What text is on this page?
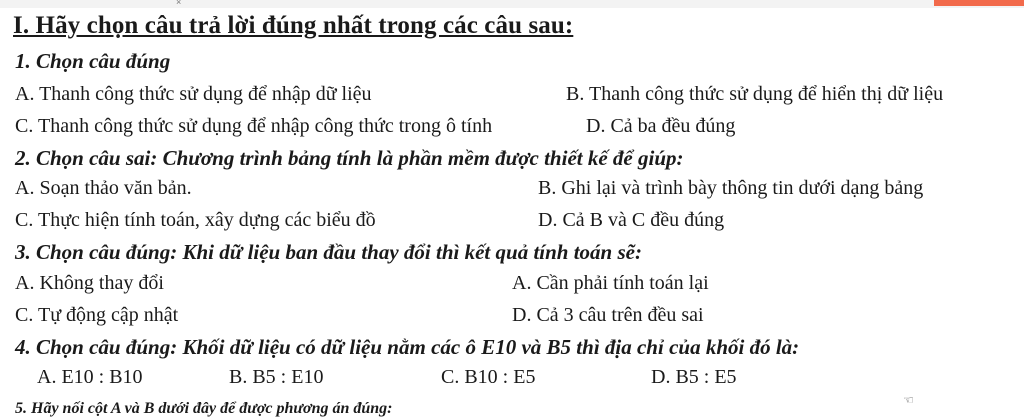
×
I. Hãy chọn câu trả lời đúng nhất trong các câu sau:
1. Chọn câu đúng
A. Thanh công thức sử dụng để nhập dữ liệu	B. Thanh công thức sử dụng để hiển thị dữ liệu
C. Thanh công thức sử dụng để nhập công thức trong ô tính	D. Cả ba đều đúng
2. Chọn câu sai: Chương trình bảng tính là phần mềm được thiết kế để giúp:
A. Soạn thảo văn bản.	B. Ghi lại và trình bày thông tin dưới dạng bảng
C. Thực hiện tính toán, xây dựng các biểu đồ	D. Cả B và C đều đúng
3. Chọn câu đúng: Khi dữ liệu ban đầu thay đổi thì kết quả tính toán sẽ:
A. Không thay đổi	A. Cần phải tính toán lại
C. Tự động cập nhật	D. Cả 3 câu trên đều sai
4. Chọn câu đúng: Khối dữ liệu có dữ liệu nằm các ô E10 và B5 thì địa chỉ của khối đó là:
A. E10 : B10	B. B5 : E10	C. B10 : E5	D. B5 : E5
5. Hãy nối cột A và B dưới đây để được phương án đúng:	☜
